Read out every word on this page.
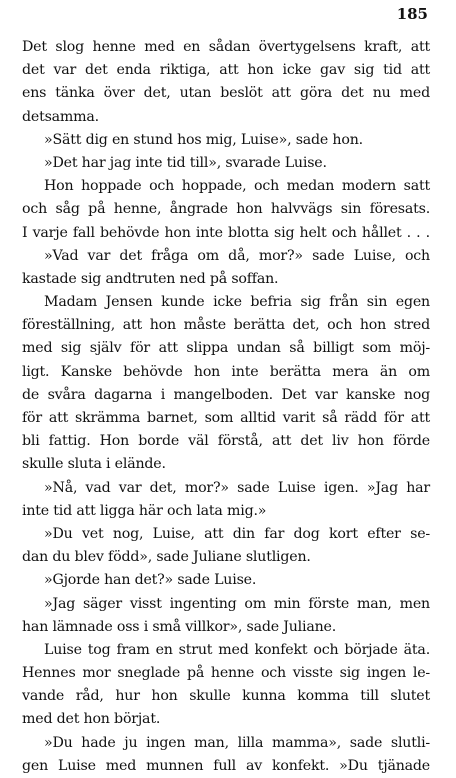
185
Det slog henne med en sådan övertygelsens kraft, att
det var det enda riktiga, att hon icke gav sig tid att
ens tänka över det, utan beslöt att göra det nu med
detsamma.
»Sätt dig en stund hos mig, Luise», sade hon.
»Det har jag inte tid till», svarade Luise.
Hon hoppade och hoppade, och medan modern satt
och såg på henne, ångrade hon halvvägs sin föresats.
I varje fall behövde hon inte blotta sig helt och hållet . . .
»Vad var det fråga om då, mor?» sade Luise, och
kastade sig andtruten ned på soffan.
Madam Jensen kunde icke befria sig från sin egen
föreställning, att hon måste berätta det, och hon stred
med sig själv för att slippa undan så billigt som möj-
ligt. Kanske behövde hon inte berätta mera än om
de svåra dagarna i mangelboden. Det var kanske nog
för att skrämma barnet, som alltid varit så rädd för att
bli fattig. Hon borde väl förstå, att det liv hon förde
skulle sluta i elände.
»Nå, vad var det, mor?» sade Luise igen. »Jag har
inte tid att ligga här och lata mig.»
»Du vet nog, Luise, att din far dog kort efter se-
dan du blev född», sade Juliane slutligen.
»Gjorde han det?» sade Luise.
»Jag säger visst ingenting om min förste man, men
han lämnade oss i små villkor», sade Juliane.
Luise tog fram en strut med konfekt och började äta.
Hennes mor sneglade på henne och visste sig ingen le-
vande råd, hur hon skulle kunna komma till slutet
med det hon börjat.
»Du hade ju ingen man, lilla mamma», sade slutli-
gen Luise med munnen full av konfekt. »Du tjänade
